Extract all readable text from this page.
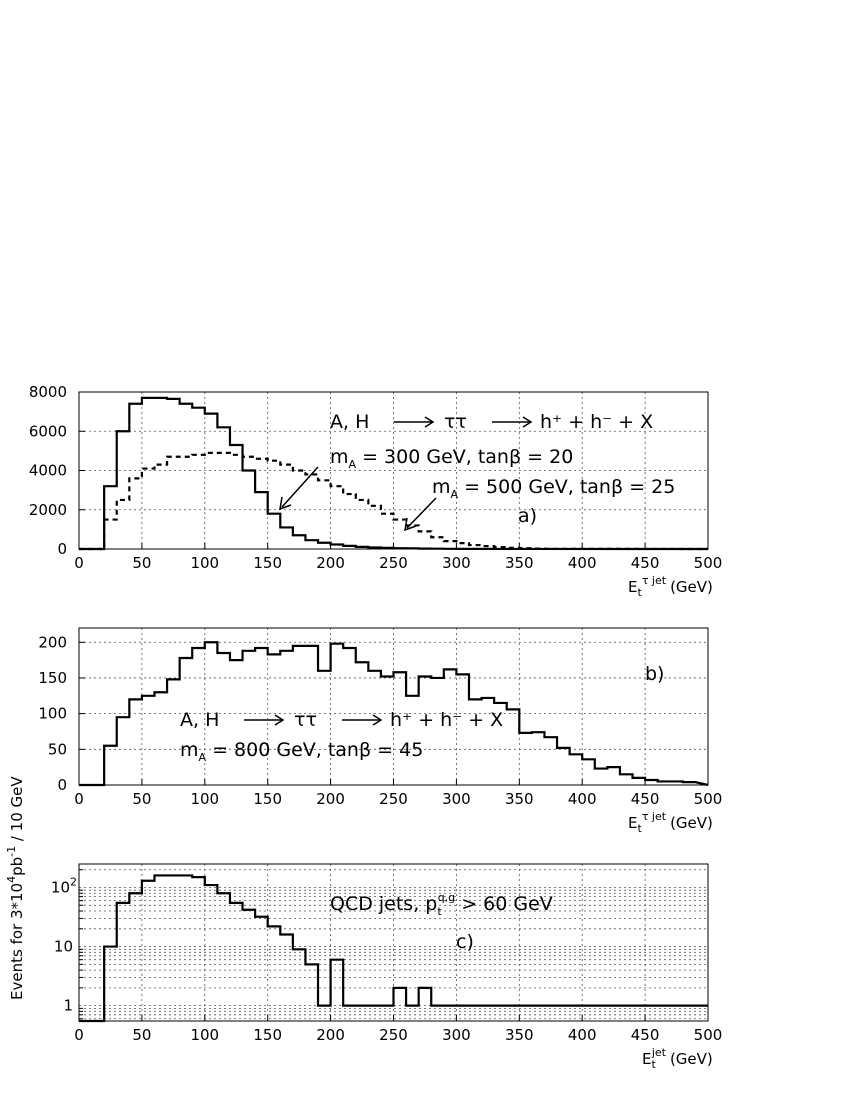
Events for $3*10^4pb^{-1} / 10$ GeV
0	50	100 150 200 250 300 350 400 450 500
0
2000
4000
6000
8000
$E_t^{\tau jet}$ (GeV)
A, H	ττ	h⁺ + h⁻ + X
$m_A = 300$ GeV, tanβ = 20
$m_A = 500$ GeV, tanβ = 25
a)
0	50	100 150 200 250 300 350 400 450 500
0
50
100
150
200
$E_t^{\tau jet}$ (GeV)
A, H	ττ	h⁺ + h⁻ + X
$m_A = 800$ GeV, tanβ = 45
b)
0	50	100 150 200 250 300 350 400 450 500
1
10
$10^2$
$E_tjet$ (GeV)
QCD jets, $p_tq,g > 60$ GeV
c)
